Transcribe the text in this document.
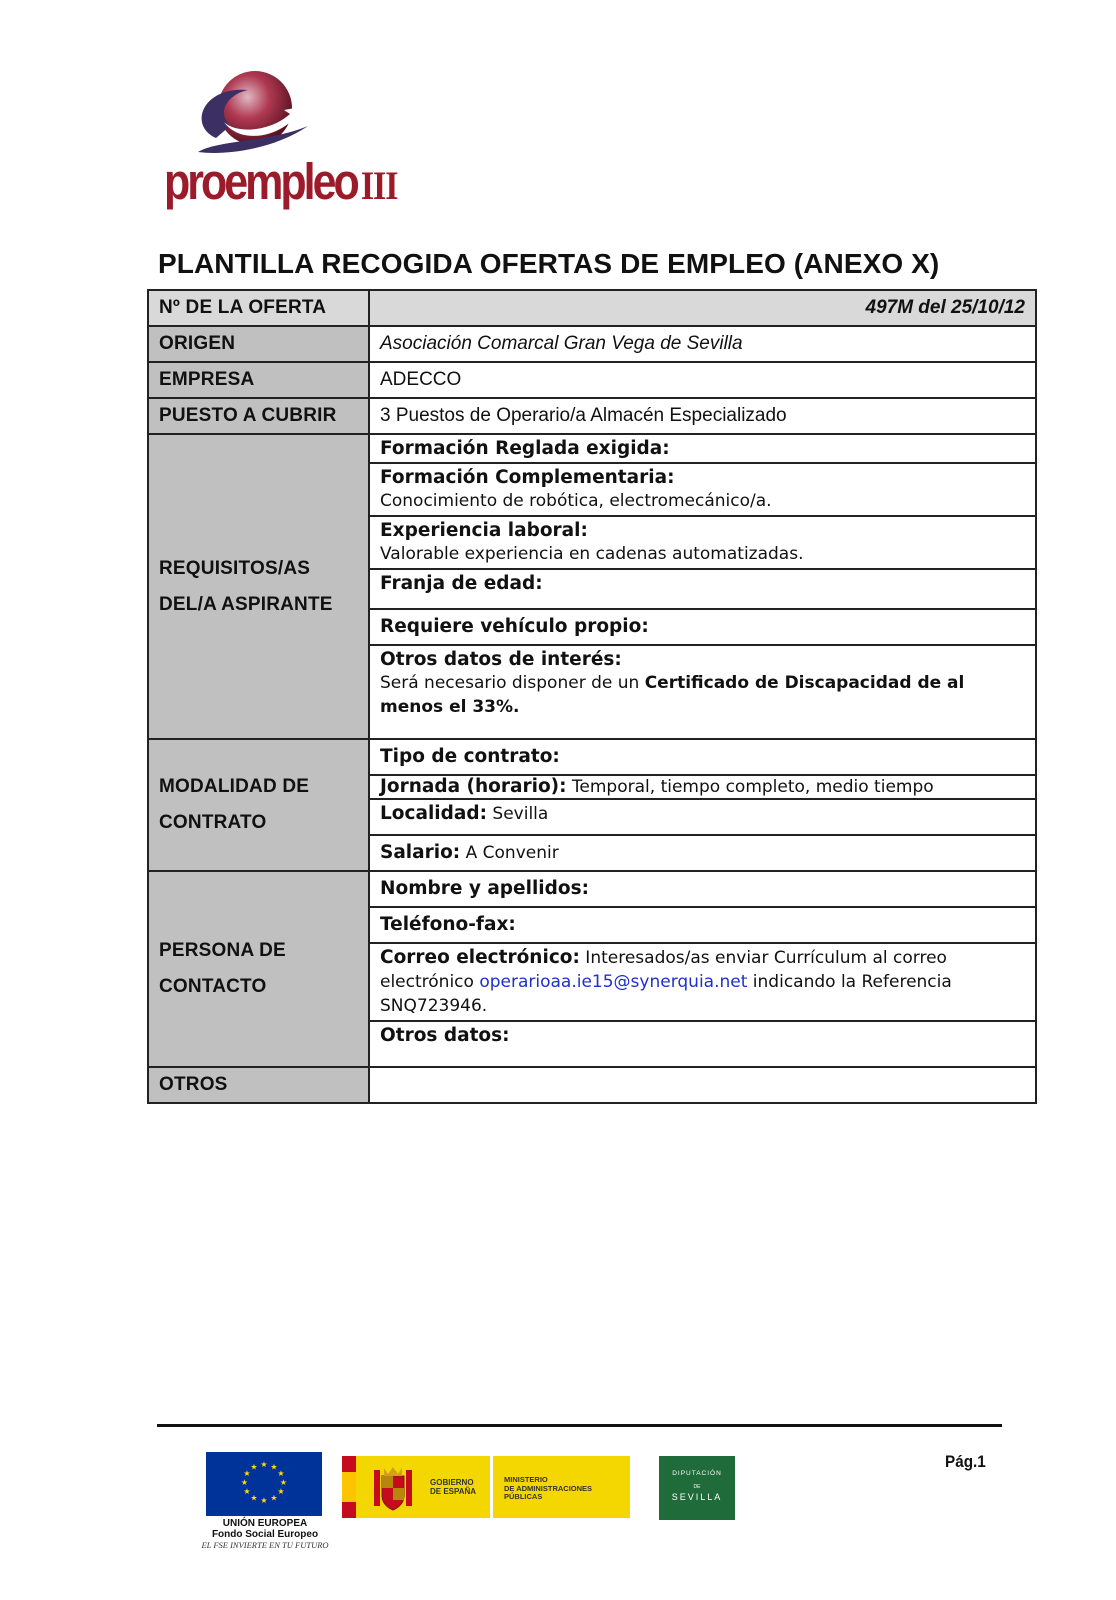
proempleo III
PLANTILLA RECOGIDA OFERTAS DE EMPLEO (ANEXO X)
Nº DE LA OFERTA	497M del 25/10/12
ORIGEN	Asociación Comarcal Gran Vega de Sevilla
EMPRESA	ADECCO
PUESTO A CUBRIR	3 Puestos de Operario/a Almacén Especializado
REQUISITOS/AS
DEL/A ASPIRANTE	Formación Reglada exigida:
	Formación Complementaria:
Conocimiento de robótica, electromecánico/a.
	Experiencia laboral:
Valorable experiencia en cadenas automatizadas.
	Franja de edad:
	Requiere vehículo propio:
	Otros datos de interés:
Será necesario disponer de un Certificado de Discapacidad de al menos el 33%.
MODALIDAD DE
CONTRATO	Tipo de contrato:
	Jornada (horario): Temporal, tiempo completo, medio tiempo
	Localidad: Sevilla
	Salario: A Convenir
PERSONA DE
CONTACTO	Nombre y apellidos:
	Teléfono-fax:
	Correo electrónico: Interesados/as enviar Currículum al correo electrónico operarioaa.ie15@synerquia.net indicando la Referencia SNQ723946.
	Otros datos:
OTROS	
Pág.1
★ ★
★
★
★
★
★
★
★
★
★
★
UNIÓN EUROPEA
Fondo Social Europeo
EL FSE INVIERTE EN TU FUTURO
GOBIERNO
DE ESPAÑA
MINISTERIO
DE ADMINISTRACIONES
PÚBLICAS
DIPUTACIÓN
DE
SEVILLA
